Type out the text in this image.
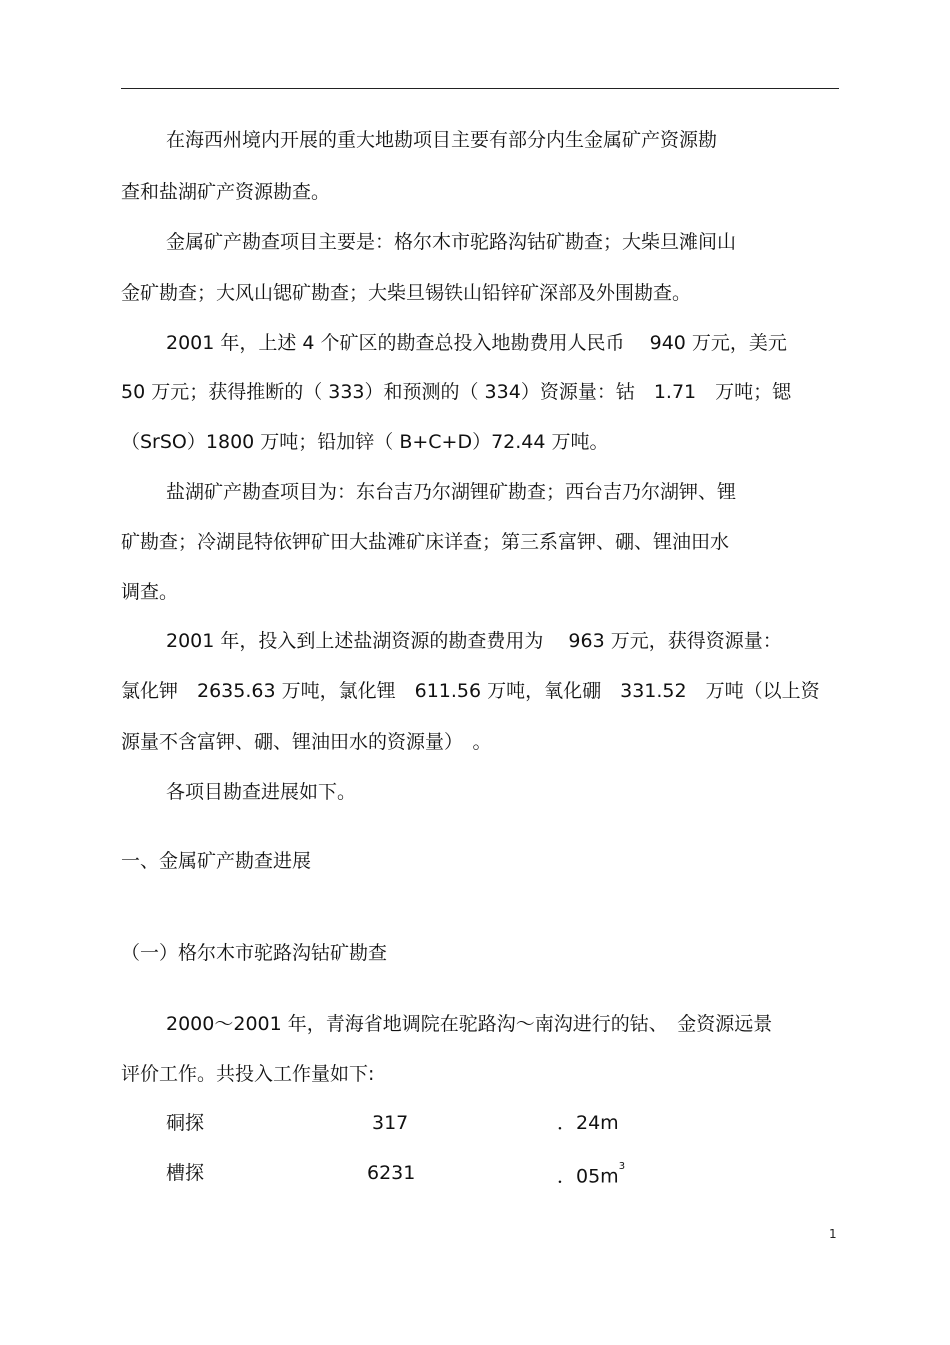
在海西州境内开展的重大地勘项目主要有部分内生金属矿产资源勘
查和盐湖矿产资源勘查。
金属矿产勘查项目主要是：格尔木市驼路沟钴矿勘查；大柴旦滩间山
金矿勘查；大风山锶矿勘查；大柴旦锡铁山铅锌矿深部及外围勘查。
2001 年，上述 4 个矿区的勘查总投入地勘费用人民币　 940 万元，美元
50 万元；获得推断的（ 333）和预测的（ 334）资源量：钴　1.71　万吨；锶
（SrSO）1800 万吨；铅加锌（ B+C+D）72.44 万吨。
盐湖矿产勘查项目为：东台吉乃尔湖锂矿勘查；西台吉乃尔湖钾、锂
矿勘查；冷湖昆特依钾矿田大盐滩矿床详查；第三系富钾、硼、锂油田水
调查。
2001 年，投入到上述盐湖资源的勘查费用为　 963 万元，获得资源量：
氯化钾　2635.63 万吨，氯化锂　611.56 万吨，氧化硼　331.52　万吨（以上资
源量不含富钾、硼、锂油田水的资源量）　。
各项目勘查进展如下。
一、金属矿产勘查进展
（一）格尔木市驼路沟钴矿勘查
2000～2001 年，青海省地调院在驼路沟～南沟进行的钴、　金资源远景
评价工作。共投入工作量如下:
硐探	317	．24m
槽探	6231	．$05m^3$
1
